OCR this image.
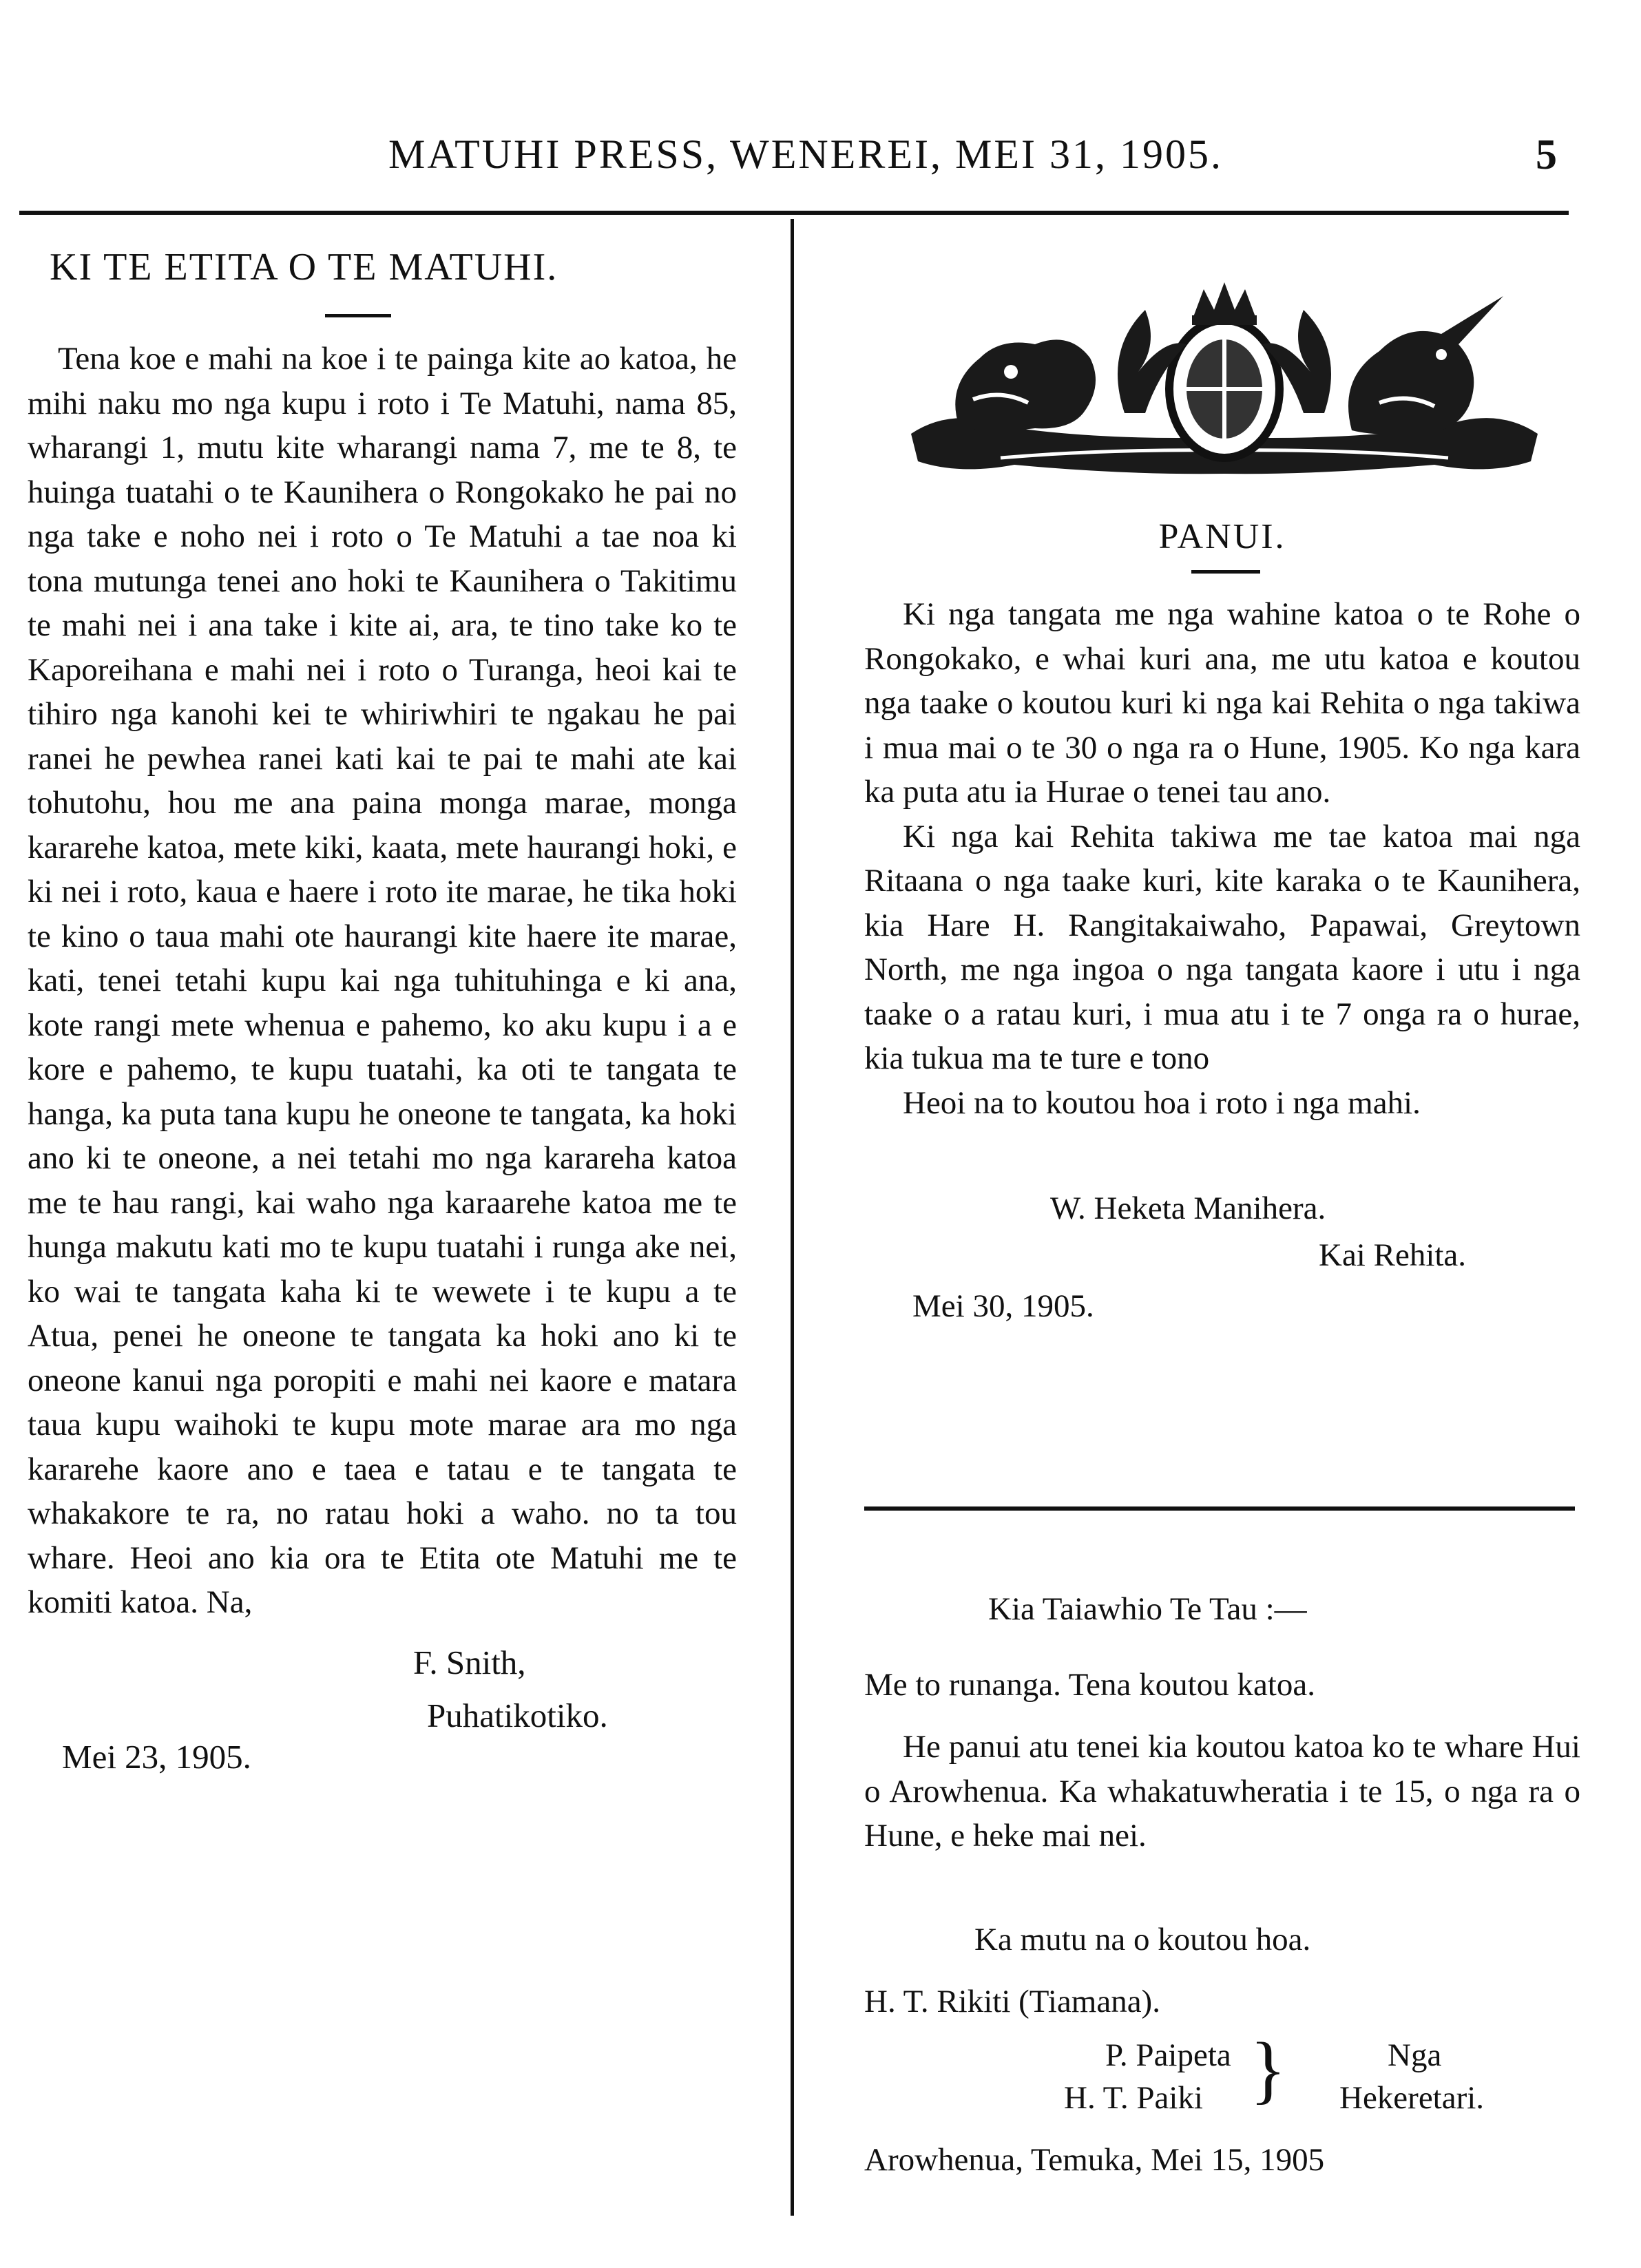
MATUHI PRESS, WENEREI, MEI 31, 1905.	5
KI TE ETITA O TE MATUHI.
Tena koe e mahi na koe i te painga kite ao katoa, he mihi naku mo nga kupu i roto i Te Matuhi, nama 85, wharangi 1, mutu kite wharangi nama 7, me te 8, te huinga tuatahi o te Kaunihera o Rongokako he pai no nga take e noho nei i roto o Te Matuhi a tae noa ki tona mutunga tenei ano hoki te Kaunihera o Takitimu te mahi nei i ana take i kite ai, ara, te tino take ko te Kaporeihana e mahi nei i roto o Turanga, heoi kai te tihiro nga kanohi kei te whiriwhiri te ngakau he pai ranei he pewhea ranei kati kai te pai te mahi ate kai tohutohu, hou me ana paina monga marae, monga kararehe katoa, mete kiki, kaata, mete haurangi hoki, e ki nei i roto, kaua e haere i roto ite marae, he tika hoki te kino o taua mahi ote haurangi kite haere ite marae, kati, tenei tetahi kupu kai nga tuhituhinga e ki ana, kote rangi mete whenua e pahemo, ko aku kupu i a e kore e pahemo, te kupu tuatahi, ka oti te tangata te hanga, ka puta tana kupu he oneone te tangata, ka hoki ano ki te oneone, a nei tetahi mo nga karareha katoa me te hau rangi, kai waho nga karaarehe katoa me te hunga makutu kati mo te kupu tuatahi i runga ake nei, ko wai te tangata kaha ki te wewete i te kupu a te Atua, penei he oneone te tangata ka hoki ano ki te oneone kanui nga poropiti e mahi nei kaore e matara taua kupu waihoki te kupu mote marae ara mo nga kararehe kaore ano e taea e tatau e te tangata te whakakore te ra, no ratau hoki a waho. no ta tou whare. Heoi ano kia ora te Etita ote Matuhi me te komiti katoa. Na,
F. Snith,
Puhatikotiko.
Mei 23, 1905.
PANUI.

Ki nga tangata me nga wahine katoa o te Rohe o Rongokako, e whai kuri ana, me utu katoa e koutou nga taake o koutou kuri ki nga kai Rehita o nga takiwa i mua mai o te 30 o nga ra o Hune, 1905. Ko nga kara ka puta atu ia Hurae o tenei tau ano.

Ki nga kai Rehita takiwa me tae katoa mai nga Ritaana o nga taake kuri, kite karaka o te Kaunihera, kia Hare H. Rangitakaiwaho, Papawai, Greytown North, me nga ingoa o nga tangata kaore i utu i nga taake o a ratau kuri, i mua atu i te 7 onga ra o hurae, kia tukua ma te ture e tono

Heoi na to koutou hoa i roto i nga mahi.

W. Heketa Manihera.
Kai Rehita.
Mei 30, 1905.
Kia Taiawhio Te Tau :—
Me to runanga. Tena koutou katoa.

He panui atu tenei kia koutou katoa ko te whare Hui o Arowhenua. Ka whakatuwheratia i te 15, o nga ra o Hune, e heke mai nei.

Ka mutu na o koutou hoa.
H. T. Rikiti (Tiamana).
P. Paipeta
H. T. Paiki }	Nga
Hekeretari.
Arowhenua, Temuka, Mei 15, 1905
